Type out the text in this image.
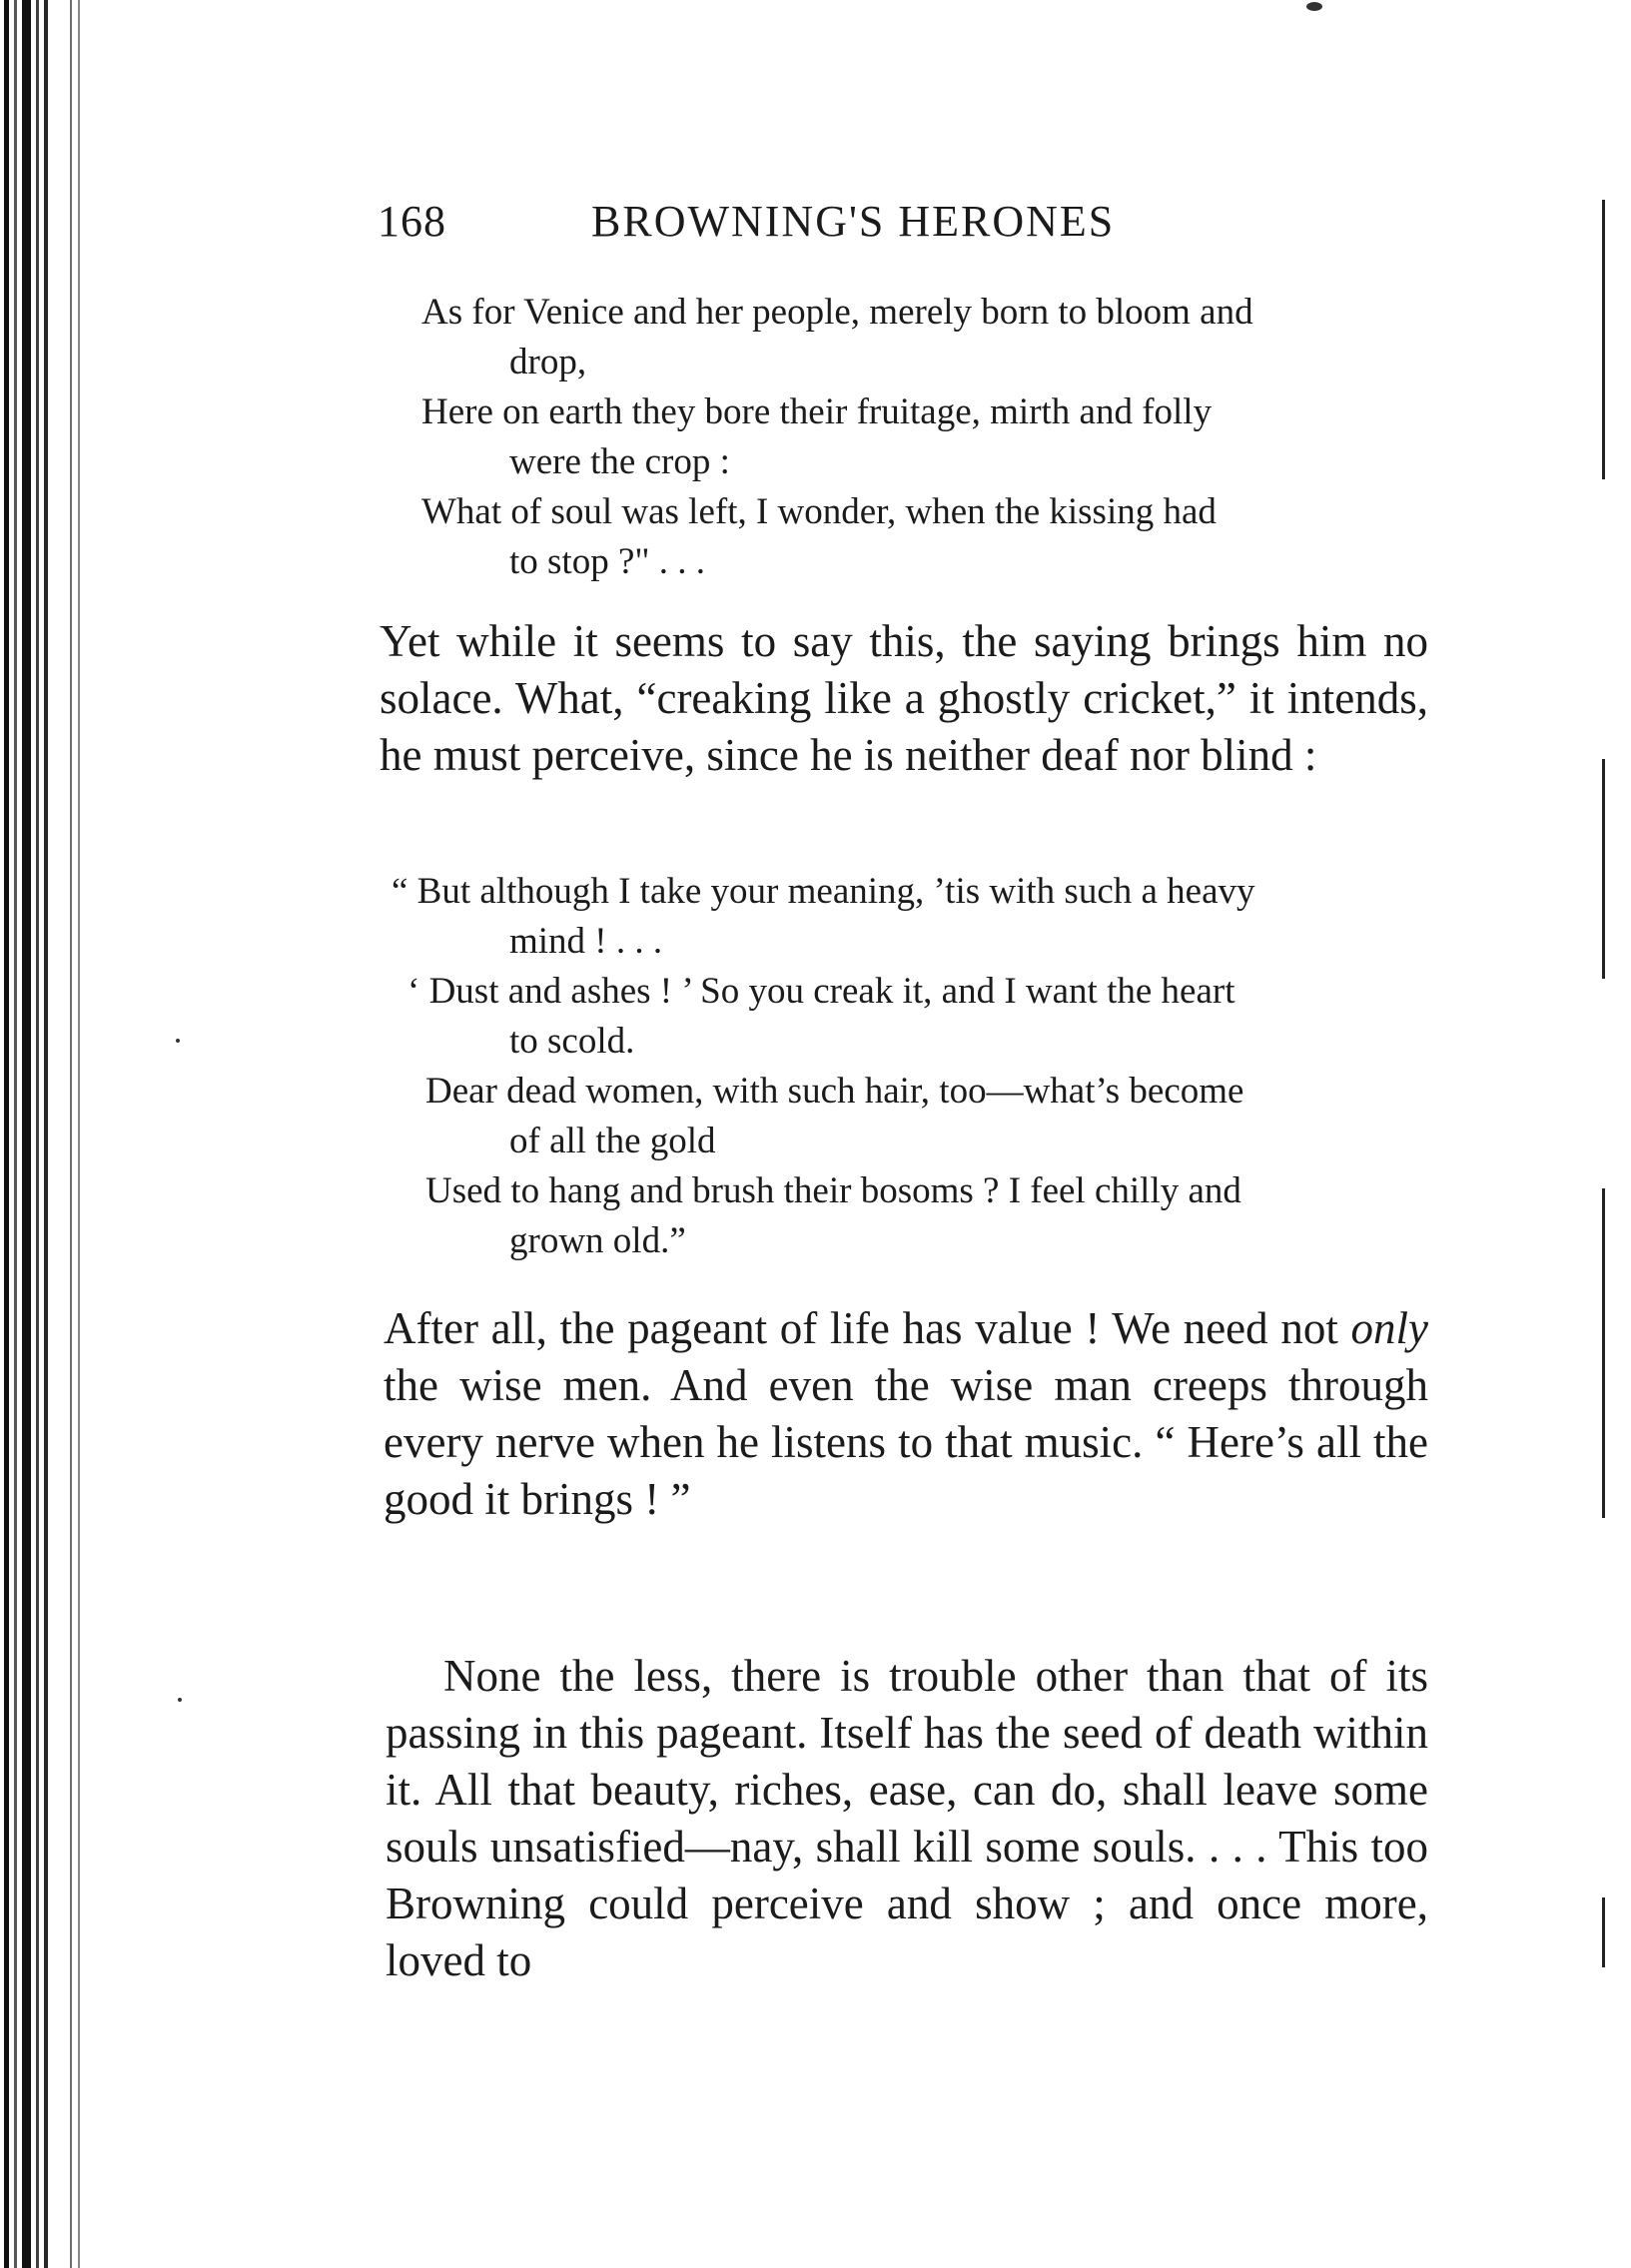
168	BROWNING'S HERONES
As for Venice and her people, merely born to bloom and
drop,
Here on earth they bore their fruitage, mirth and folly
were the crop :
What of soul was left, I wonder, when the kissing had
to stop ?" . . .

Yet while it seems to say this, the saying brings him no solace. What, “creaking like a ghostly cricket,” it intends, he must perceive, since he is neither deaf nor blind :

“ But although I take your meaning, ’tis with such a heavy
mind ! . . .
‘ Dust and ashes ! ’ So you creak it, and I want the heart
to scold.
Dear dead women, with such hair, too—what’s become
of all the gold
Used to hang and brush their bosoms ? I feel chilly and
grown old.”

After all, the pageant of life has value ! We need not only the wise men. And even the wise man creeps through every nerve when he listens to that music. “ Here’s all the good it brings ! ”

None the less, there is trouble other than that of its passing in this pageant. Itself has the seed of death within it. All that beauty, riches, ease, can do, shall leave some souls unsatisfied—nay, shall kill some souls. . . . This too Browning could perceive and show ; and once more, loved to
